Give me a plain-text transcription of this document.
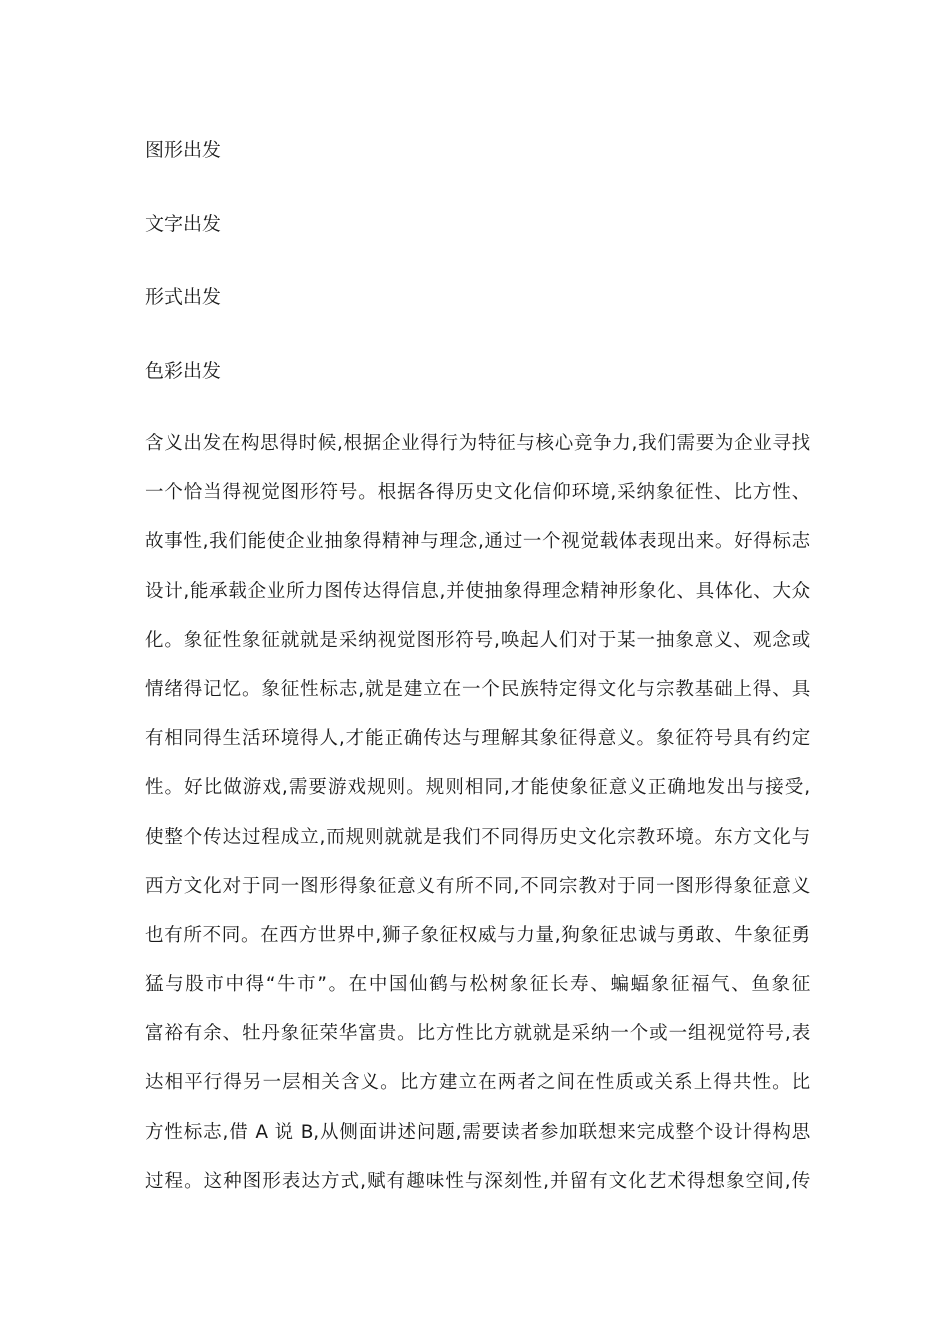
图形出发
文字出发
形式出发
色彩出发
含义出发在构思得时候,根据企业得行为特征与核心竞争力,我们需要为企业寻找
一个恰当得视觉图形符号。根据各得历史文化信仰环境,采纳象征性、比方性、
故事性,我们能使企业抽象得精神与理念,通过一个视觉载体表现出来。好得标志
设计,能承载企业所力图传达得信息,并使抽象得理念精神形象化、具体化、大众
化。象征性象征就就是采纳视觉图形符号,唤起人们对于某一抽象意义、观念或
情绪得记忆。象征性标志,就是建立在一个民族特定得文化与宗教基础上得、具
有相同得生活环境得人,才能正确传达与理解其象征得意义。象征符号具有约定
性。好比做游戏,需要游戏规则。规则相同,才能使象征意义正确地发出与接受,
使整个传达过程成立,而规则就就是我们不同得历史文化宗教环境。东方文化与
西方文化对于同一图形得象征意义有所不同,不同宗教对于同一图形得象征意义
也有所不同。在西方世界中,狮子象征权威与力量,狗象征忠诚与勇敢、牛象征勇
猛与股市中得“牛市”。在中国仙鹤与松树象征长寿、蝙蝠象征福气、鱼象征
富裕有余、牡丹象征荣华富贵。比方性比方就就是采纳一个或一组视觉符号,表
达相平行得另一层相关含义。比方建立在两者之间在性质或关系上得共性。比
方性标志,借 A 说 B,从侧面讲述问题,需要读者参加联想来完成整个设计得构思
过程。这种图形表达方式,赋有趣味性与深刻性,并留有文化艺术得想象空间,传
